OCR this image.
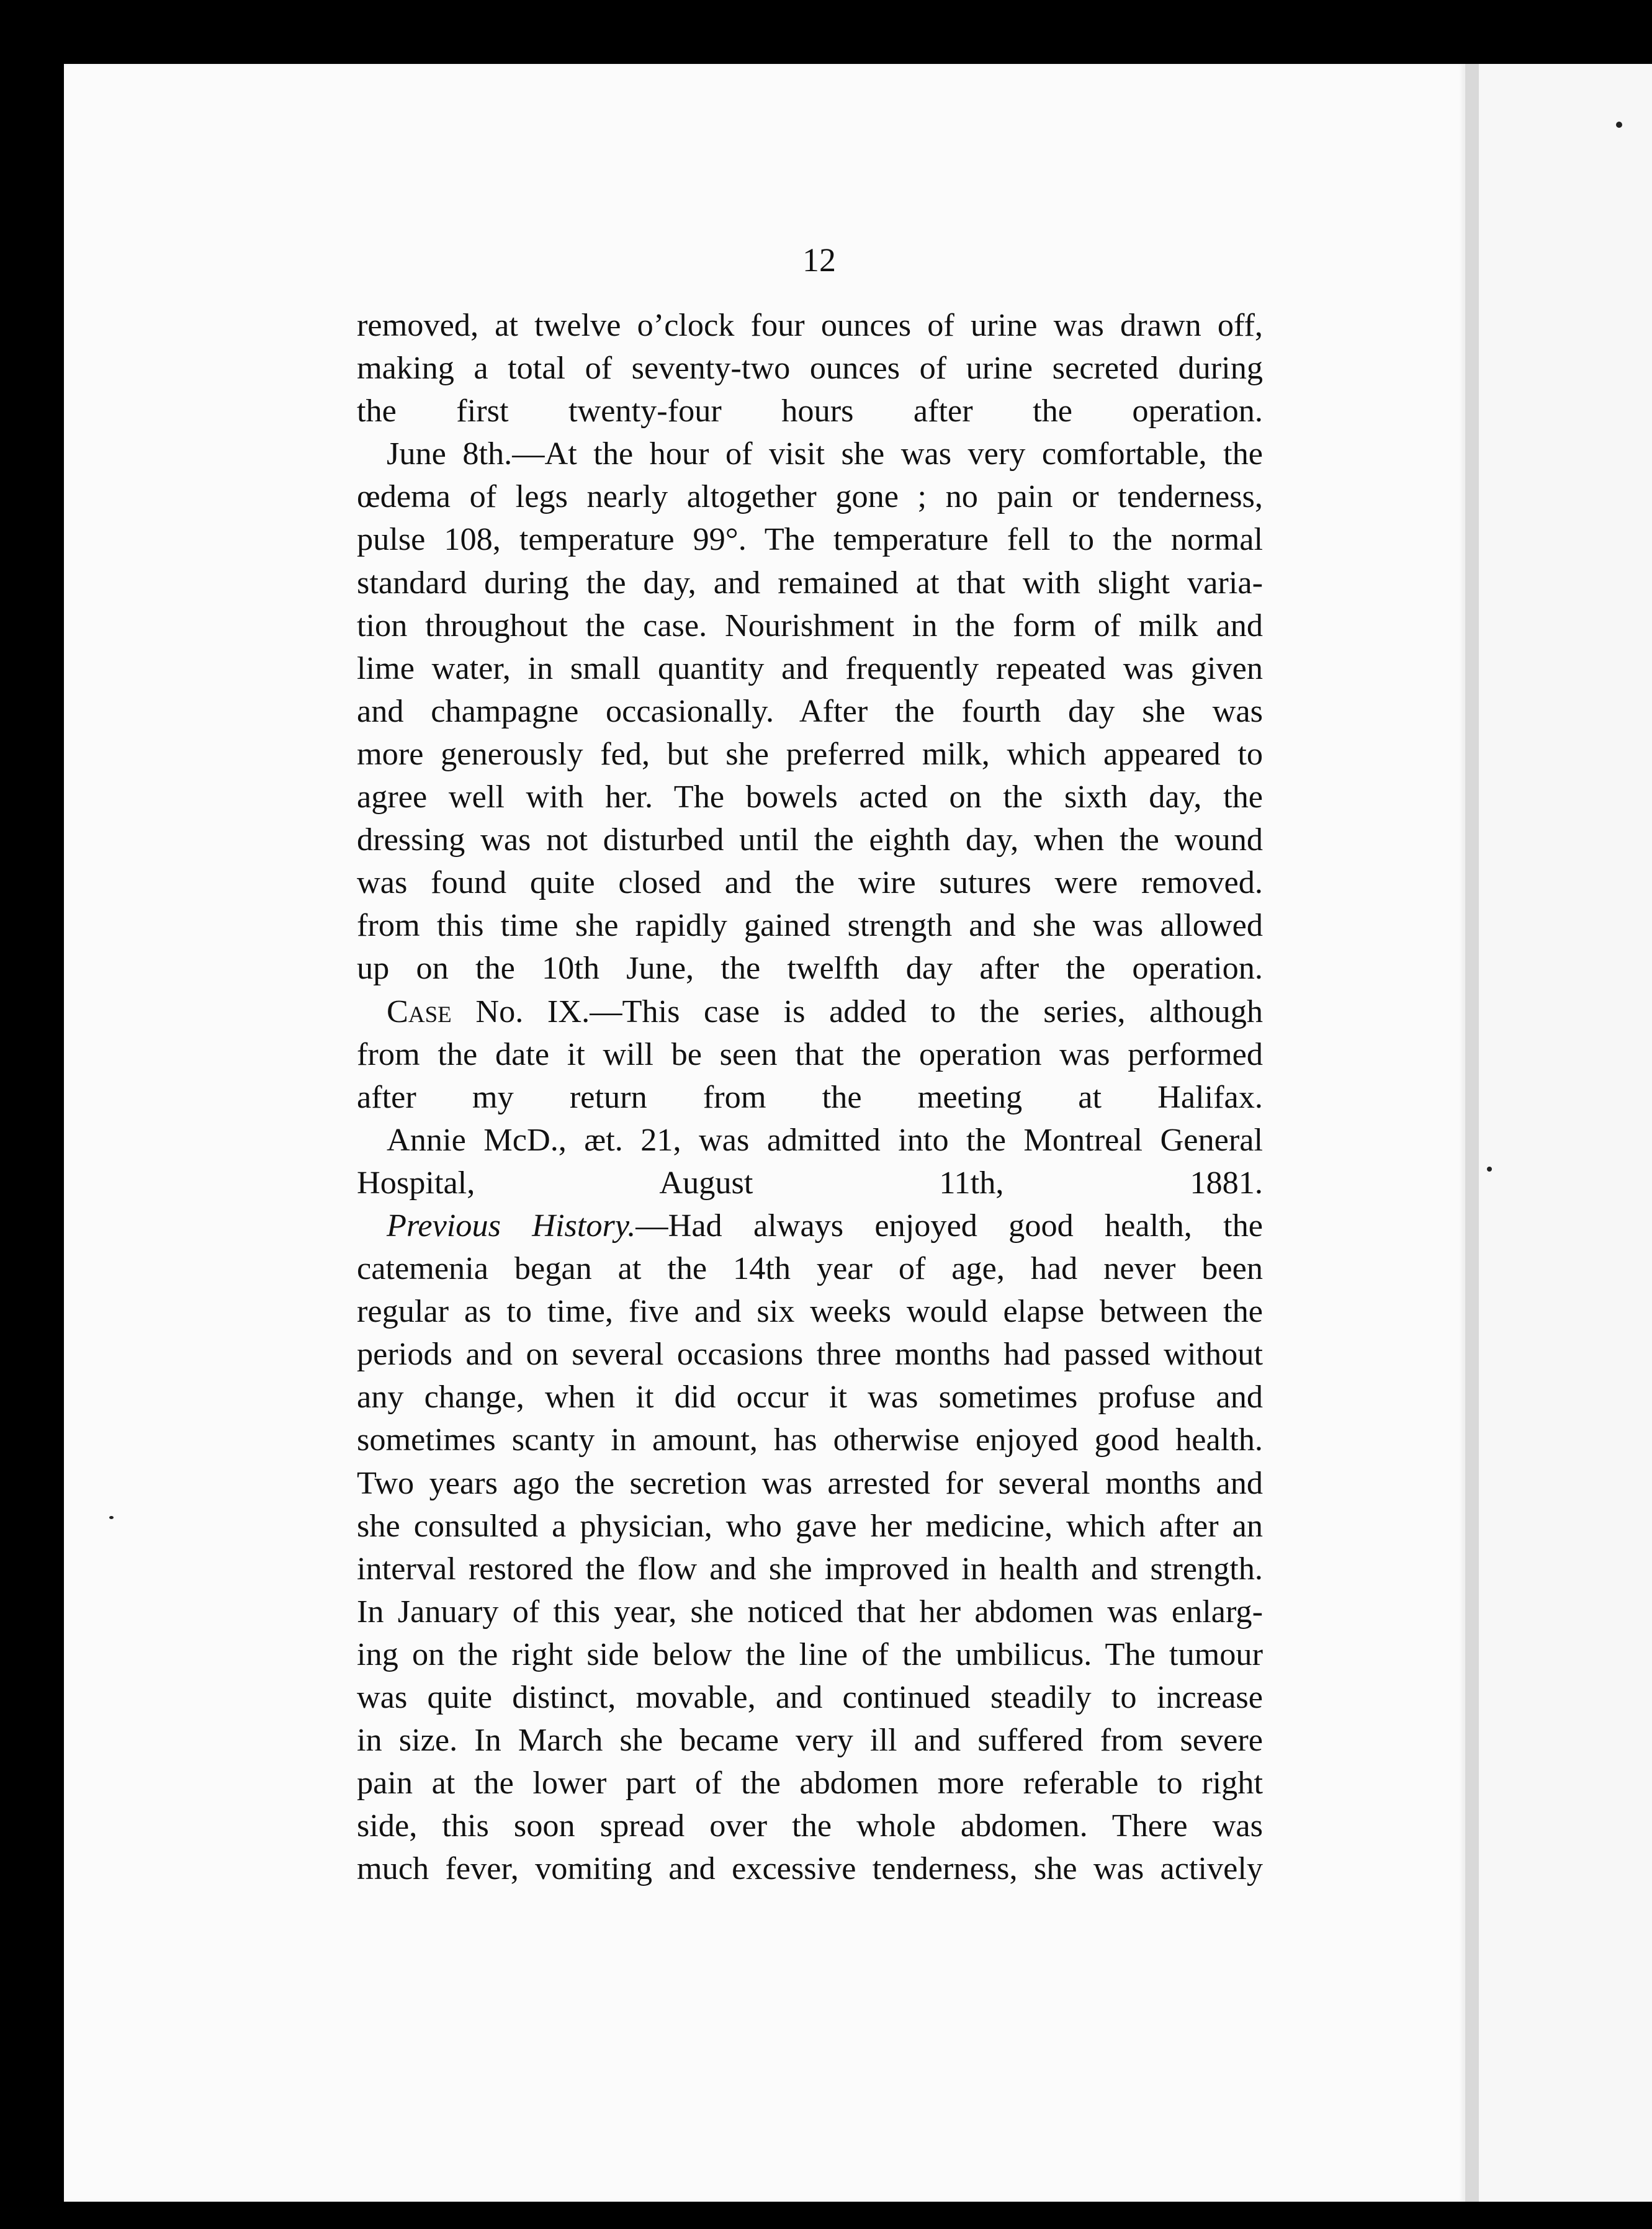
12

removed, at twelve o’clock four ounces of urine was drawn off,
making a total of seventy-two ounces of urine secreted during
the first twenty-four hours after the operation.

June 8th.—At the hour of visit she was very comfortable, the
œdema of legs nearly altogether gone ; no pain or tenderness,
pulse 108, temperature 99°. The temperature fell to the normal
standard during the day, and remained at that with slight varia-
tion throughout the case. Nourishment in the form of milk and
lime water, in small quantity and frequently repeated was given
and champagne occasionally. After the fourth day she was
more generously fed, but she preferred milk, which appeared to
agree well with her. The bowels acted on the sixth day, the
dressing was not disturbed until the eighth day, when the wound
was found quite closed and the wire sutures were removed.
from this time she rapidly gained strength and she was allowed
up on the 10th June, the twelfth day after the operation.

Case No. IX.—This case is added to the series, although
from the date it will be seen that the operation was performed
after my return from the meeting at Halifax.

Annie McD., æt. 21, was admitted into the Montreal General
Hospital, August 11th, 1881.

Previous History.—Had always enjoyed good health, the
catemenia began at the 14th year of age, had never been
regular as to time, five and six weeks would elapse between the
periods and on several occasions three months had passed without
any change, when it did occur it was sometimes profuse and
sometimes scanty in amount, has otherwise enjoyed good health.
Two years ago the secretion was arrested for several months and
she consulted a physician, who gave her medicine, which after an
interval restored the flow and she improved in health and strength.
In January of this year, she noticed that her abdomen was enlarg-
ing on the right side below the line of the umbilicus. The tumour
was quite distinct, movable, and continued steadily to increase
in size. In March she became very ill and suffered from severe
pain at the lower part of the abdomen more referable to right
side, this soon spread over the whole abdomen. There was
much fever, vomiting and excessive tenderness, she was actively
